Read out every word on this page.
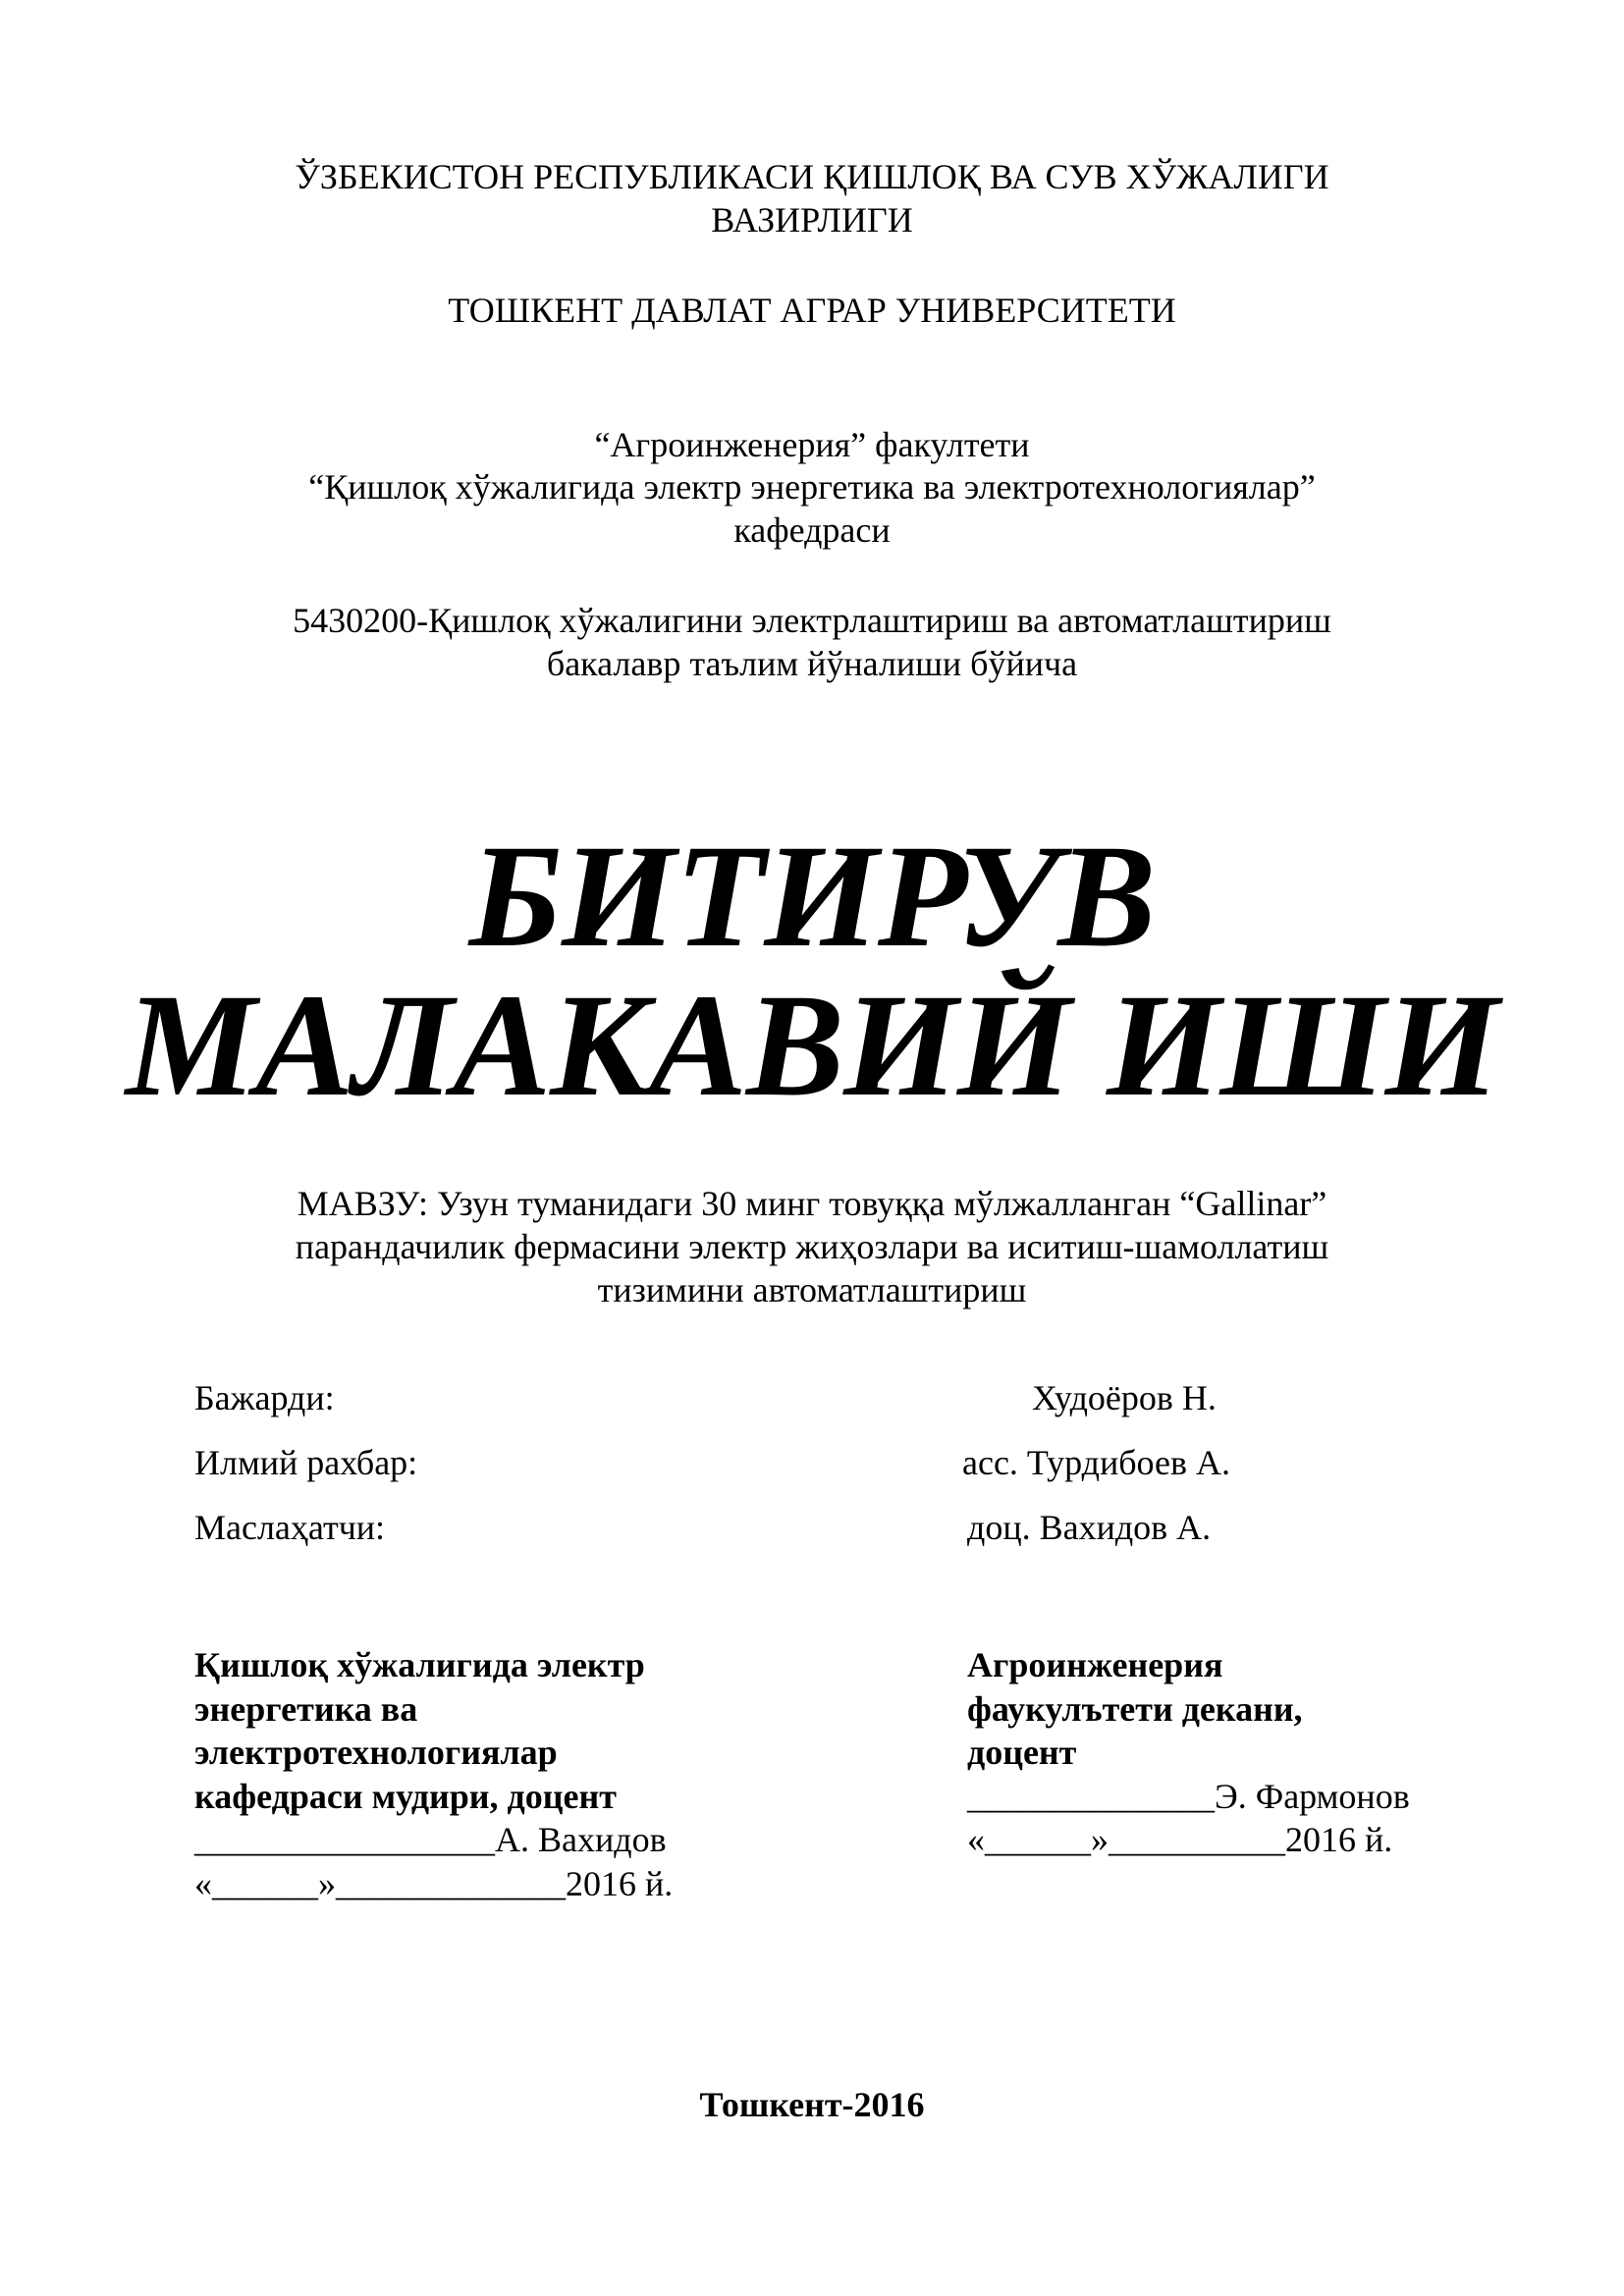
ЎЗБЕКИСТОН РЕСПУБЛИКАСИ ҚИШЛОҚ ВА СУВ ХЎЖАЛИГИ
ВАЗИРЛИГИ
ТОШКЕНТ ДАВЛАТ АГРАР УНИВЕРСИТЕТИ
“Агроинженерия” факултети
“Қишлоқ хўжалигида электр энергетика ва электротехнологиялар”
кафедраси
5430200-Қишлоқ хўжалигини электрлаштириш ва автоматлаштириш
бакалавр таълим йўналиши бўйича
БИТИРУВ
МАЛАКАВИЙ ИШИ
МАВЗУ: Узун туманидаги 30 минг товуққа мўлжалланган “Gallinar”
парандачилик фермасини электр жиҳозлари ва иситиш-шамоллатиш
тизимини автоматлаштириш
Бажарди:	Худоёров Н.
Илмий рахбар:	асс. Турдибоев А.
Маслаҳатчи:	доц. Вахидов А.
Қишлоқ хўжалигида электр
энергетика ва
электротехнологиялар
кафедраси мудири, доцент
_________________А. Вахидов
«______»_____________2016 й.
Агроинженерия
фаукулътети декани,
доцент
______________Э. Фармонов
«______»__________2016 й.
Тошкент-2016
